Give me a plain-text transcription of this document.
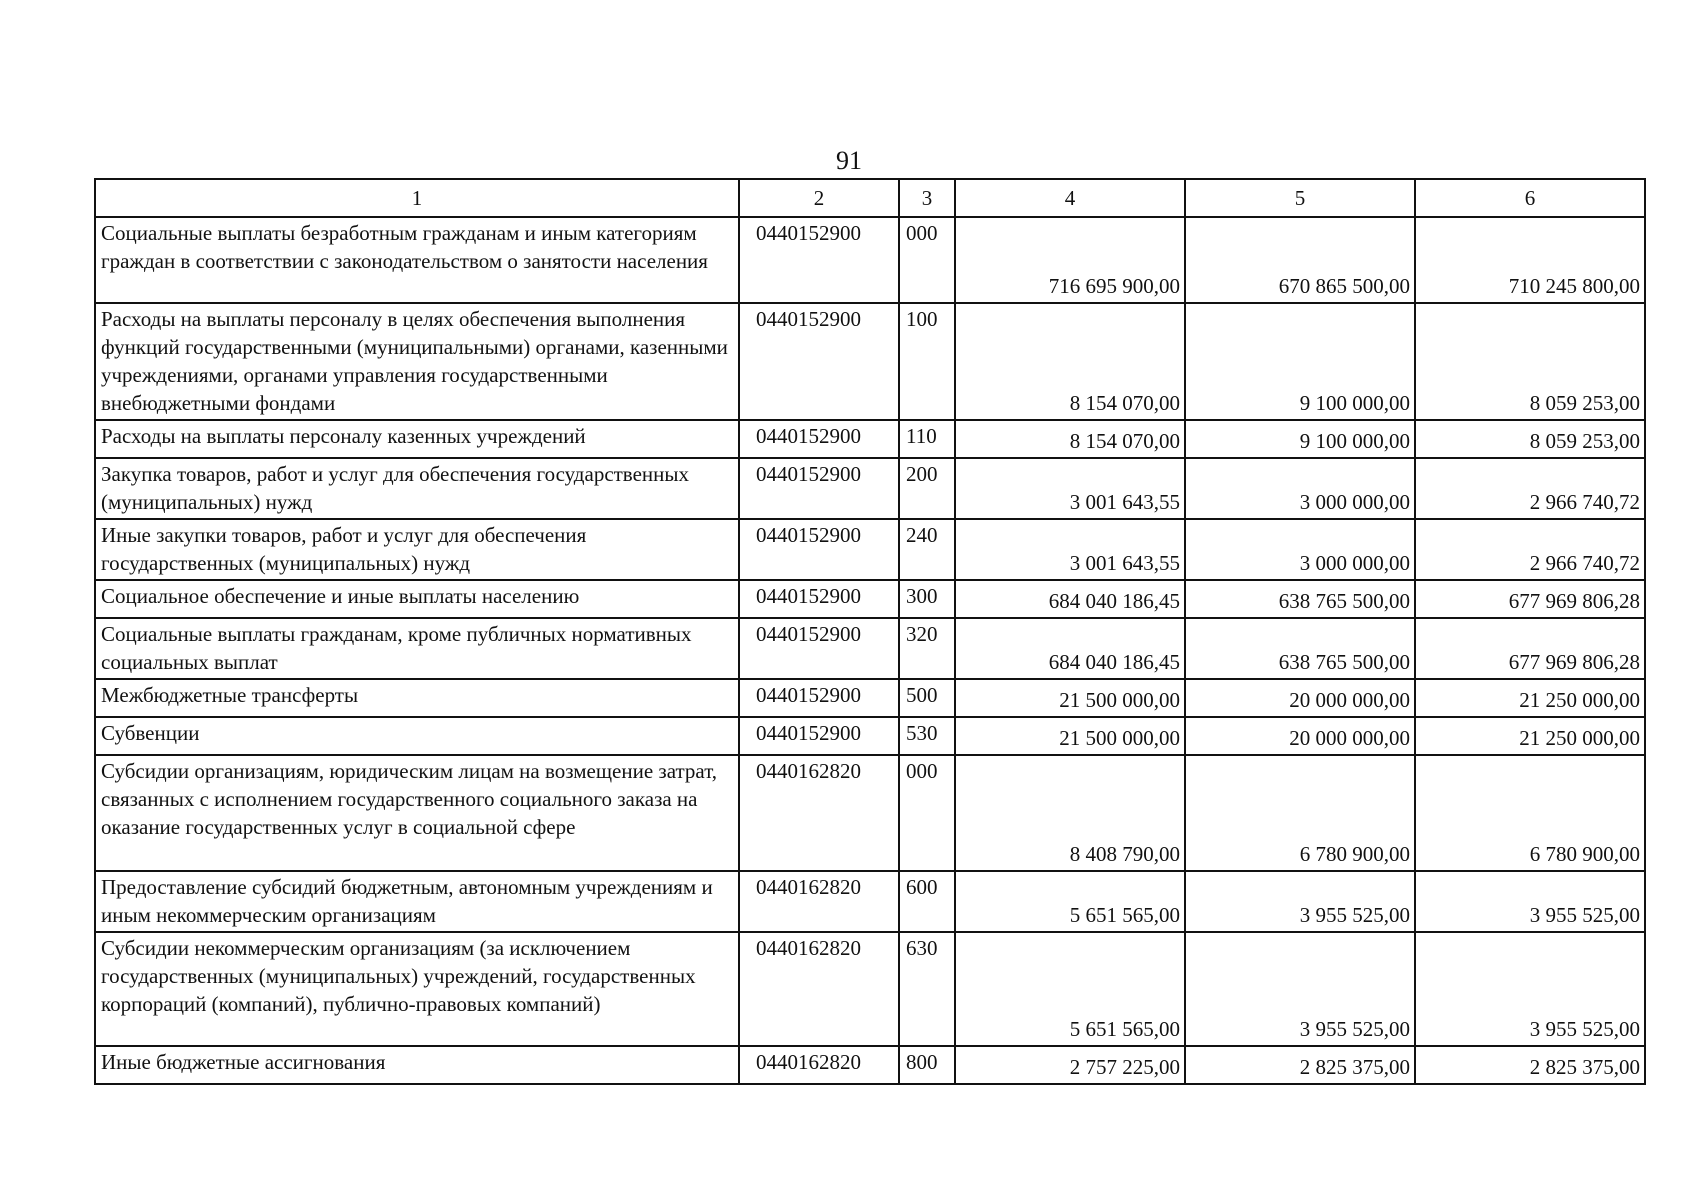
91
1	2	3	4	5	6
Социальные выплаты безработным гражданам и иным категориям граждан в соответствии с законодательством о занятости населения	0440152900	000	716 695 900,00	670 865 500,00	710 245 800,00
Расходы на выплаты персоналу в целях обеспечения выполнения функций государственными (муниципальными) органами, казенными учреждениями, органами управления государственными внебюджетными фондами	0440152900	100	8 154 070,00	9 100 000,00	8 059 253,00
Расходы на выплаты персоналу казенных учреждений	0440152900	110	8 154 070,00	9 100 000,00	8 059 253,00
Закупка товаров, работ и услуг для обеспечения государственных (муниципальных) нужд	0440152900	200	3 001 643,55	3 000 000,00	2 966 740,72
Иные закупки товаров, работ и услуг для обеспечения государственных (муниципальных) нужд	0440152900	240	3 001 643,55	3 000 000,00	2 966 740,72
Социальное обеспечение и иные выплаты населению	0440152900	300	684 040 186,45	638 765 500,00	677 969 806,28
Социальные выплаты гражданам, кроме публичных нормативных социальных выплат	0440152900	320	684 040 186,45	638 765 500,00	677 969 806,28
Межбюджетные трансферты	0440152900	500	21 500 000,00	20 000 000,00	21 250 000,00
Субвенции	0440152900	530	21 500 000,00	20 000 000,00	21 250 000,00
Субсидии организациям, юридическим лицам на возмещение затрат, связанных с исполнением государственного социального заказа на оказание государственных услуг в социальной сфере	0440162820	000	8 408 790,00	6 780 900,00	6 780 900,00
Предоставление субсидий бюджетным, автономным учреждениям и иным некоммерческим организациям	0440162820	600	5 651 565,00	3 955 525,00	3 955 525,00
Субсидии некоммерческим организациям (за исключением государственных (муниципальных) учреждений, государственных корпораций (компаний), публично-правовых компаний)	0440162820	630	5 651 565,00	3 955 525,00	3 955 525,00
Иные бюджетные ассигнования	0440162820	800	2 757 225,00	2 825 375,00	2 825 375,00
